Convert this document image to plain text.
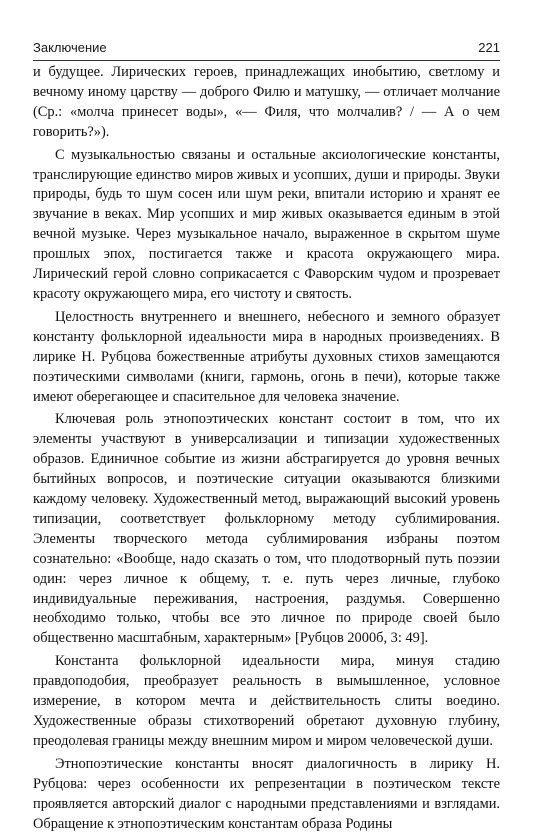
Заключение	221

и будущее. Лирических героев, принадлежащих инобытию, светлому и вечному иному царству — доброго Филю и матушку, — отличает молчание (Ср.: «молча принесет воды», «— Филя, что молчалив? / — А о чем говорить?»).

С музыкальностью связаны и остальные аксиологические константы, транслирующие единство миров живых и усопших, души и природы. Звуки природы, будь то шум сосен или шум реки, впитали историю и хранят ее звучание в веках. Мир усопших и мир живых оказывается единым в этой вечной музыке. Через музыкальное начало, выраженное в скрытом шуме прошлых эпох, постигается также и красота окружающего мира. Лирический герой словно соприкасается с Фаворским чудом и прозревает красоту окружающего мира, его чистоту и святость.

Целостность внутреннего и внешнего, небесного и земного образует константу фольклорной идеальности мира в народных произведениях. В лирике Н. Рубцова божественные атрибуты духовных стихов замещаются поэтическими символами (книги, гармонь, огонь в печи), которые также имеют оберегающее и спасительное для человека значение.

Ключевая роль этнопоэтических констант состоит в том, что их элементы участвуют в универсализации и типизации художественных образов. Единичное событие из жизни абстрагируется до уровня вечных бытийных вопросов, и поэтические ситуации оказываются близкими каждому человеку. Художественный метод, выражающий высокий уровень типизации, соответствует фольклорному методу сублимирования. Элементы творческого метода сублимирования избраны поэтом сознательно: «Вообще, надо сказать о том, что плодотворный путь поэзии один: через личное к общему, т. е. путь через личные, глубоко индивидуальные переживания, настроения, раздумья. Совершенно необходимо только, чтобы все это личное по природе своей было общественно масштабным, характерным» [Рубцов 2000б, 3: 49].

Константа фольклорной идеальности мира, минуя стадию правдоподобия, преобразует реальность в вымышленное, условное измерение, в котором мечта и действительность слиты воедино. Художественные образы стихотворений обретают духовную глубину, преодолевая границы между внешним миром и миром человеческой души.

Этнопоэтические константы вносят диалогичность в лирику Н. Рубцова: через особенности их репрезентации в поэтическом тексте проявляется авторский диалог с народными представлениями и взглядами. Обращение к этнопоэтическим константам образа Родины
